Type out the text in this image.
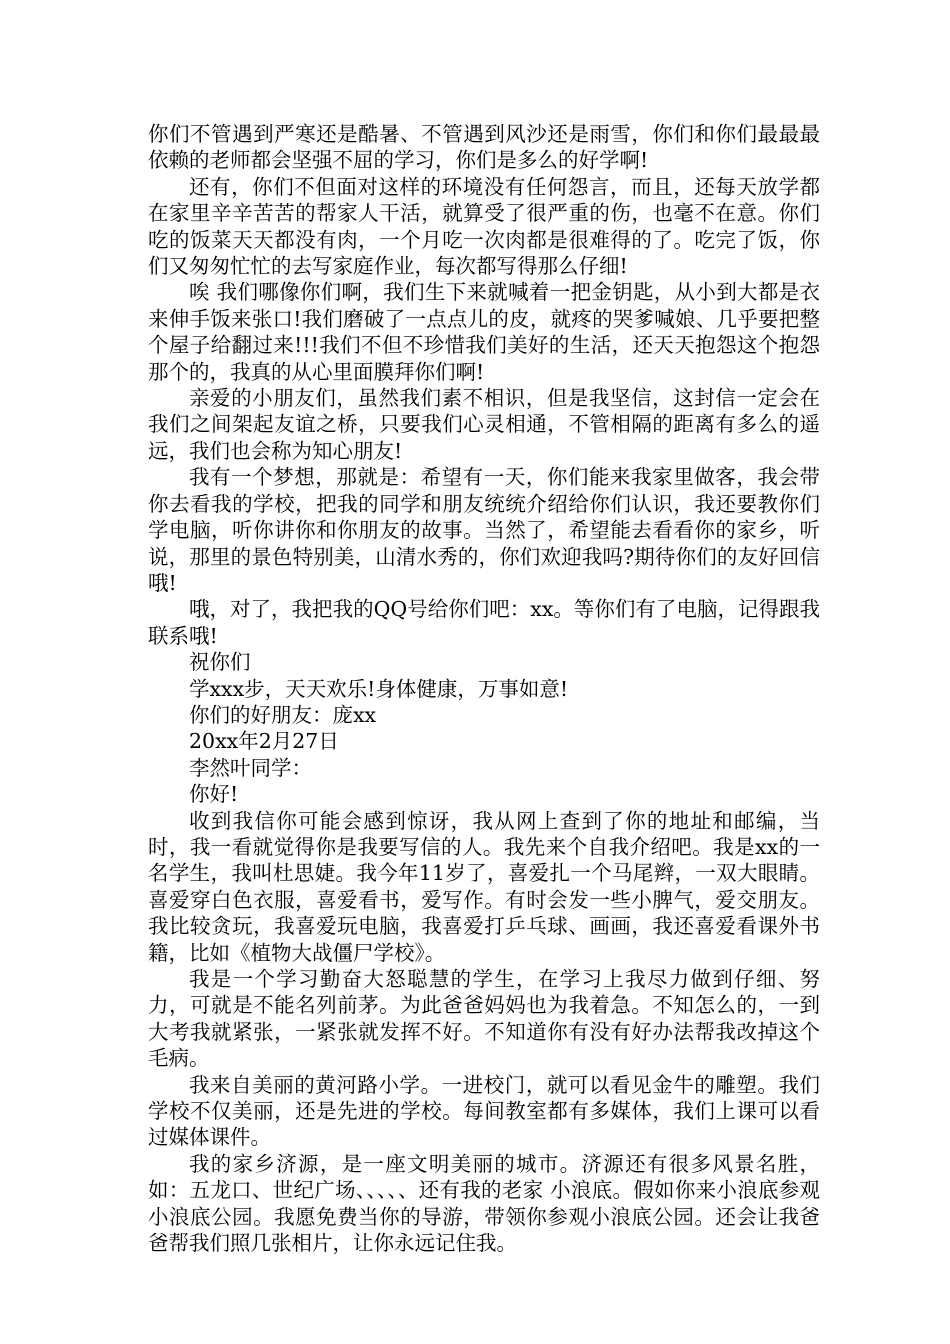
你们不管遇到严寒还是酷暑、不管遇到风沙还是雨雪，你们和你们最最最依赖的老师都会坚强不屈的学习，你们是多么的好学啊!

还有，你们不但面对这样的环境没有任何怨言，而且，还每天放学都在家里辛辛苦苦的帮家人干活，就算受了很严重的伤，也毫不在意。你们吃的饭菜天天都没有肉，一个月吃一次肉都是很难得的了。吃完了饭，你们又匆匆忙忙的去写家庭作业，每次都写得那么仔细!

唉 我们哪像你们啊，我们生下来就喊着一把金钥匙，从小到大都是衣来伸手饭来张口!我们磨破了一点点儿的皮，就疼的哭爹喊娘、几乎要把整个屋子给翻过来!!!我们不但不珍惜我们美好的生活，还天天抱怨这个抱怨那个的，我真的从心里面膜拜你们啊!

亲爱的小朋友们，虽然我们素不相识，但是我坚信，这封信一定会在我们之间架起友谊之桥，只要我们心灵相通，不管相隔的距离有多么的遥远，我们也会称为知心朋友!

我有一个梦想，那就是：希望有一天，你们能来我家里做客，我会带你去看我的学校，把我的同学和朋友统统介绍给你们认识，我还要教你们学电脑，听你讲你和你朋友的故事。当然了，希望能去看看你的家乡，听说，那里的景色特别美，山清水秀的，你们欢迎我吗?期待你们的友好回信哦!

哦，对了，我把我的QQ号给你们吧：xx。等你们有了电脑，记得跟我联系哦!

祝你们

学xxx步，天天欢乐!身体健康，万事如意!

你们的好朋友：庞xx

20xx年2月27日

李然叶同学：

你好!

收到我信你可能会感到惊讶，我从网上查到了你的地址和邮编，当时，我一看就觉得你是我要写信的人。我先来个自我介绍吧。我是xx的一名学生，我叫杜思婕。我今年11岁了，喜爱扎一个马尾辫，一双大眼睛。喜爱穿白色衣服，喜爱看书，爱写作。有时会发一些小脾气，爱交朋友。我比较贪玩，我喜爱玩电脑，我喜爱打乒乓球、画画，我还喜爱看课外书籍，比如《植物大战僵尸学校》。

我是一个学习勤奋大怒聪慧的学生，在学习上我尽力做到仔细、努力，可就是不能名列前茅。为此爸爸妈妈也为我着急。不知怎么的，一到大考我就紧张，一紧张就发挥不好。不知道你有没有好办法帮我改掉这个毛病。

我来自美丽的黄河路小学。一进校门，就可以看见金牛的雕塑。我们学校不仅美丽，还是先进的学校。每间教室都有多媒体，我们上课可以看过媒体课件。

我的家乡济源，是一座文明美丽的城市。济源还有很多风景名胜，如：五龙口、世纪广场、、、、、还有我的老家 小浪底。假如你来小浪底参观小浪底公园。我愿免费当你的导游，带领你参观小浪底公园。还会让我爸爸帮我们照几张相片，让你永远记住我。
